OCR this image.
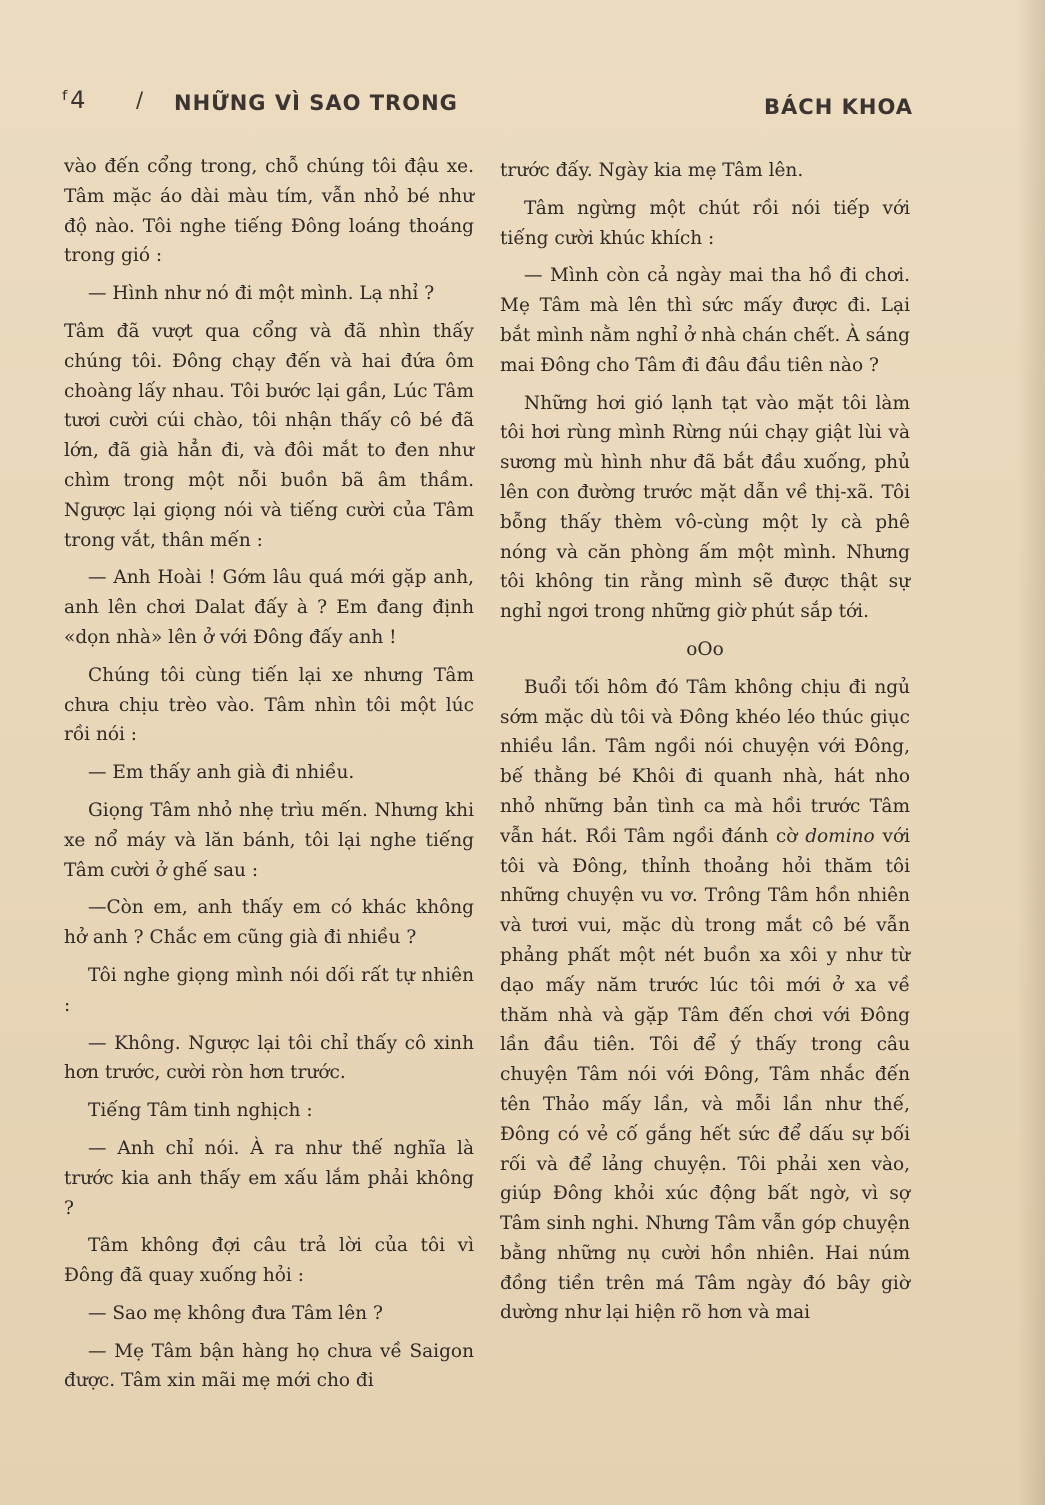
ᶠ4 / NHỮNG VÌ SAO TRONG	BÁCH KHOA

vào đến cổng trong, chỗ chúng tôi đậu xe. Tâm mặc áo dài màu tím, vẫn nhỏ bé như độ nào. Tôi nghe tiếng Đông loáng thoáng trong gió :

— Hình như nó đi một mình. Lạ nhỉ ?

Tâm đã vượt qua cổng và đã nhìn thấy chúng tôi. Đông chạy đến và hai đứa ôm choàng lấy nhau. Tôi bước lại gần, Lúc Tâm tươi cười cúi chào, tôi nhận thấy cô bé đã lớn, đã già hẳn đi, và đôi mắt to đen như chìm trong một nỗi buồn bã âm thầm. Ngược lại giọng nói và tiếng cười của Tâm trong vắt, thân mến :

— Anh Hoài ! Gớm lâu quá mới gặp anh, anh lên chơi Dalat đấy à ? Em đang định «dọn nhà» lên ở với Đông đấy anh !

Chúng tôi cùng tiến lại xe nhưng Tâm chưa chịu trèo vào. Tâm nhìn tôi một lúc rồi nói :

— Em thấy anh già đi nhiều.

Giọng Tâm nhỏ nhẹ trìu mến. Nhưng khi xe nổ máy và lăn bánh, tôi lại nghe tiếng Tâm cười ở ghế sau :

—Còn em, anh thấy em có khác không hở anh ? Chắc em cũng già đi nhiều ?

Tôi nghe giọng mình nói dối rất tự nhiên :

— Không. Ngược lại tôi chỉ thấy cô xinh hơn trước, cười ròn hơn trước.

Tiếng Tâm tinh nghịch :

— Anh chỉ nói. À ra như thế nghĩa là trước kia anh thấy em xấu lắm phải không ?

Tâm không đợi câu trả lời của tôi vì Đông đã quay xuống hỏi :

— Sao mẹ không đưa Tâm lên ?

— Mẹ Tâm bận hàng họ chưa về Saigon được. Tâm xin mãi mẹ mới cho đi

trước đấy. Ngày kia mẹ Tâm lên.

Tâm ngừng một chút rồi nói tiếp với tiếng cười khúc khích :

— Mình còn cả ngày mai tha hồ đi chơi. Mẹ Tâm mà lên thì sức mấy được đi. Lại bắt mình nằm nghỉ ở nhà chán chết. À sáng mai Đông cho Tâm đi đâu đầu tiên nào ?

Những hơi gió lạnh tạt vào mặt tôi làm tôi hơi rùng mình Rừng núi chạy giật lùi và sương mù hình như đã bắt đầu xuống, phủ lên con đường trước mặt dẫn về thị-xã. Tôi bỗng thấy thèm vô-cùng một ly cà phê nóng và căn phòng ấm một mình. Nhưng tôi không tin rằng mình sẽ được thật sự nghỉ ngơi trong những giờ phút sắp tới.

oOo

Buổi tối hôm đó Tâm không chịu đi ngủ sớm mặc dù tôi và Đông khéo léo thúc giục nhiều lần. Tâm ngồi nói chuyện với Đông, bế thằng bé Khôi đi quanh nhà, hát nho nhỏ những bản tình ca mà hồi trước Tâm vẫn hát. Rồi Tâm ngồi đánh cờ domino với tôi và Đông, thỉnh thoảng hỏi thăm tôi những chuyện vu vơ. Trông Tâm hồn nhiên và tươi vui, mặc dù trong mắt cô bé vẫn phảng phất một nét buồn xa xôi y như từ dạo mấy năm trước lúc tôi mới ở xa về thăm nhà và gặp Tâm đến chơi với Đông lần đầu tiên. Tôi để ý thấy trong câu chuyện Tâm nói với Đông, Tâm nhắc đến tên Thảo mấy lần, và mỗi lần như thế, Đông có vẻ cố gắng hết sức để dấu sự bối rối và để lảng chuyện. Tôi phải xen vào, giúp Đông khỏi xúc động bất ngờ, vì sợ Tâm sinh nghi. Nhưng Tâm vẫn góp chuyện bằng những nụ cười hồn nhiên. Hai núm đồng tiền trên má Tâm ngày đó bây giờ dường như lại hiện rõ hơn và mai
